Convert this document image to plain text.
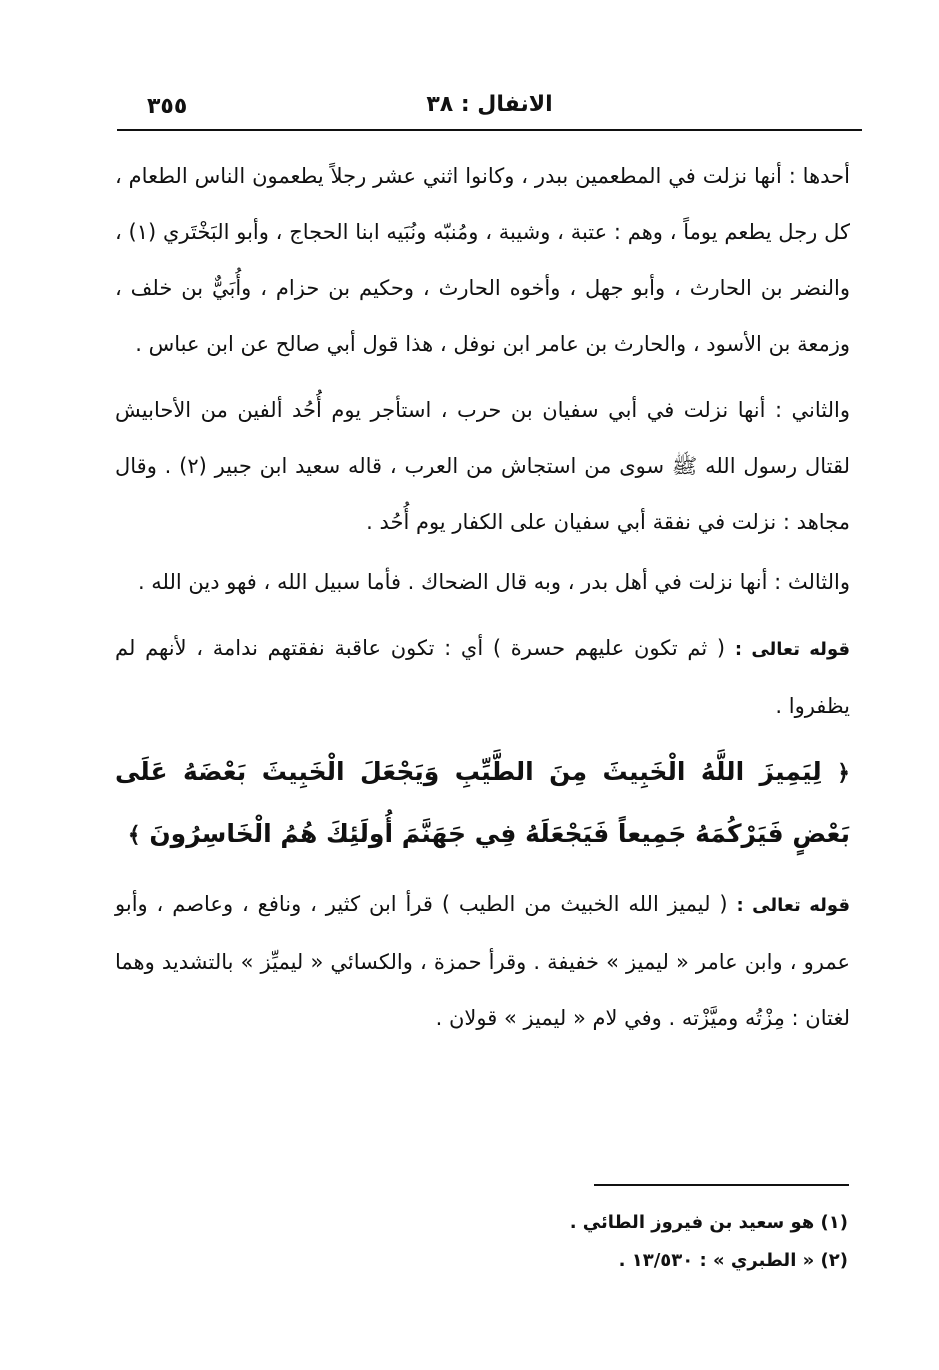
٣٥٥	الانفال : ٣٨

أحدها : أنها نزلت في المطعمين ببدر ، وكانوا اثني عشر رجلاً يطعمون الناس الطعام ، كل رجل يطعم يوماً ، وهم : عتبة ، وشيبة ، ومُنبّه ونُبَيه ابنا الحجاج ، وأبو البَخْتَري (١) ، والنضر بن الحارث ، وأبو جهل ، وأخوه الحارث ، وحكيم بن حزام ، وأُبَيٌّ بن خلف ، وزمعة بن الأسود ، والحارث بن عامر ابن نوفل ، هذا قول أبي صالح عن ابن عباس .

والثاني : أنها نزلت في أبي سفيان بن حرب ، استأجر يوم أُحُد ألفين من الأحابيش لقتال رسول الله ﷺ سوى من استجاش من العرب ، قاله سعيد ابن جبير (٢) . وقال مجاهد : نزلت في نفقة أبي سفيان على الكفار يوم أُحُد .

والثالث : أنها نزلت في أهل بدر ، وبه قال الضحاك . فأما سبيل الله ، فهو دين الله .

قوله تعالى : ( ثم تكون عليهم حسرة ) أي : تكون عاقبة نفقتهم ندامة ، لأنهم لم يظفروا .

﴿ لِيَمِيزَ اللَّهُ الْخَبِيثَ مِنَ الطَّيِّبِ وَيَجْعَلَ الْخَبِيثَ بَعْضَهُ عَلَى بَعْضٍ فَيَرْكُمَهُ جَمِيعاً فَيَجْعَلَهُ فِي جَهَنَّمَ أُولَئِكَ هُمُ الْخَاسِرُونَ ﴾

قوله تعالى : ( ليميز الله الخبيث من الطيب ) قرأ ابن كثير ، ونافع ، وعاصم ، وأبو عمرو ، وابن عامر « ليميز » خفيفة . وقرأ حمزة ، والكسائي « ليميِّز » بالتشديد وهما لغتان : مِزْتُه وميَّزْته . وفي لام « ليميز » قولان .

(١) هو سعيد بن فيروز الطائي .

(٢) « الطبري » : ١٣/٥٣٠ .
